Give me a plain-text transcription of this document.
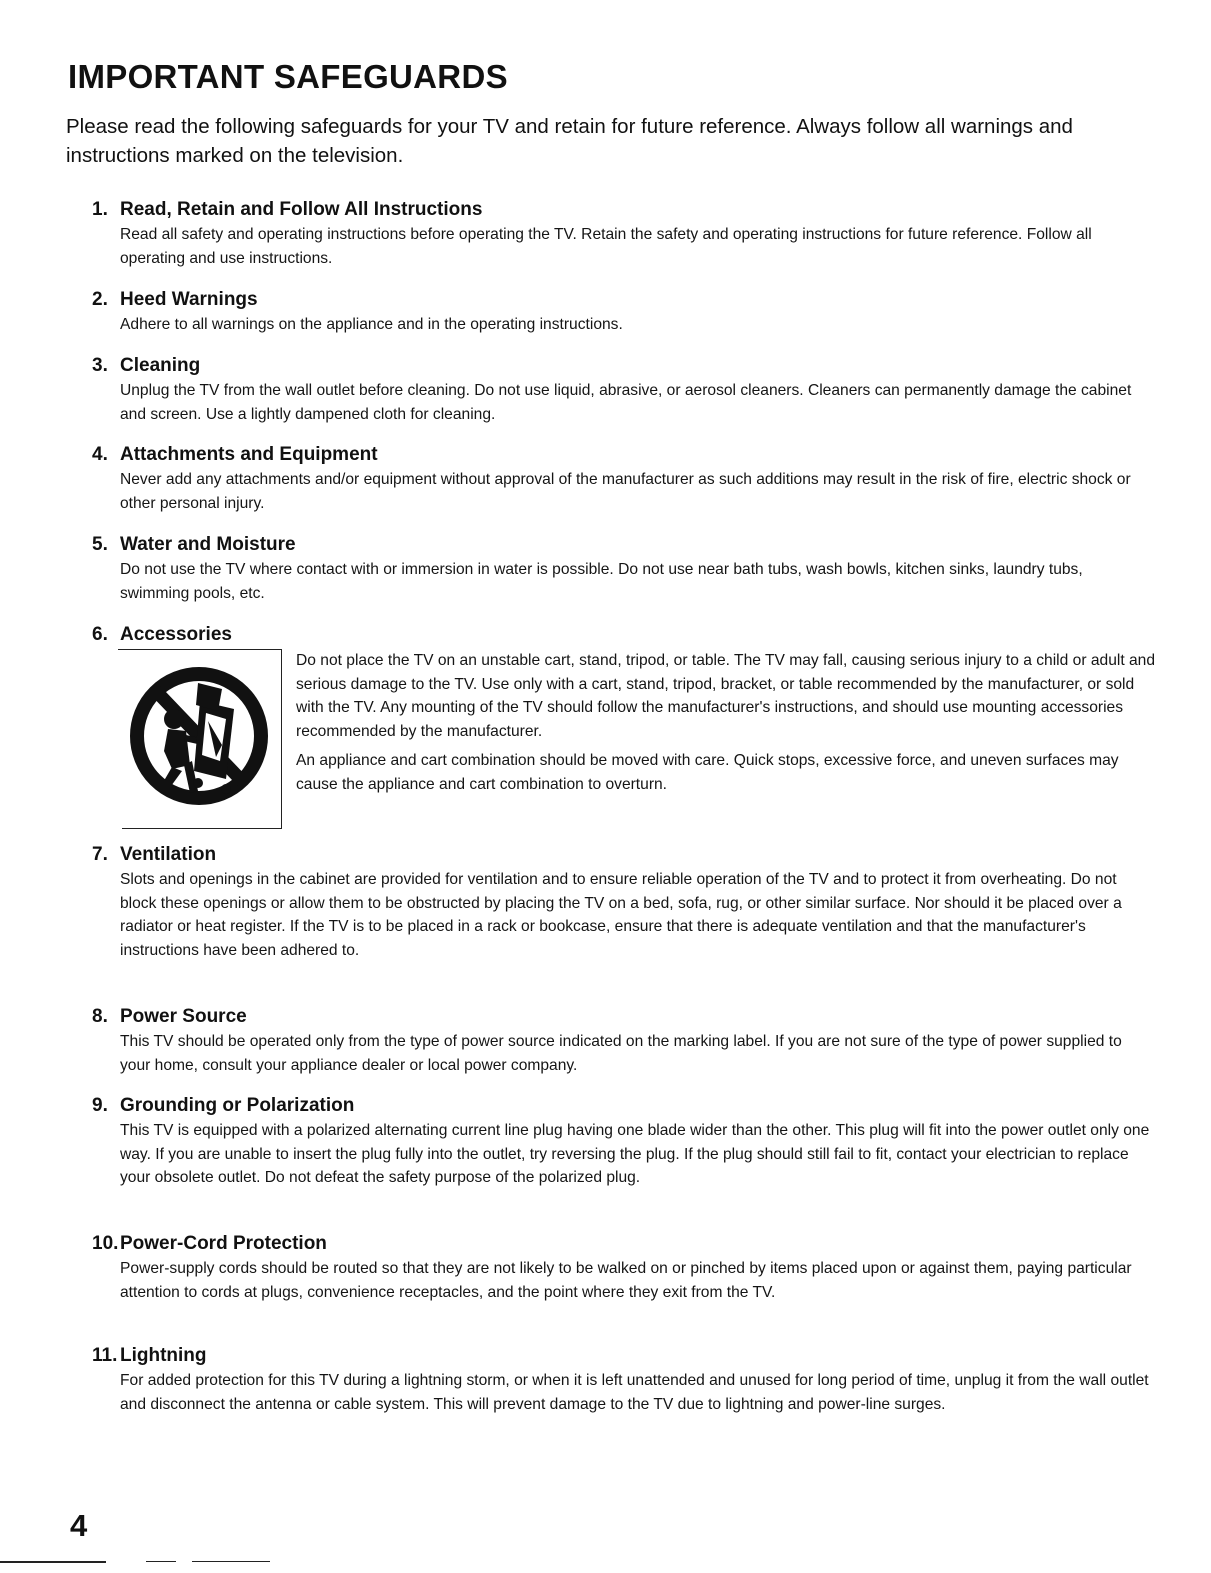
IMPORTANT SAFEGUARDS
Please read the following safeguards for your TV and retain for future reference. Always follow all warnings and instructions marked on the television.
1. Read, Retain and Follow All Instructions
Read all safety and operating instructions before operating the TV. Retain the safety and operating instructions for future reference. Follow all operating and use instructions.
2. Heed Warnings
Adhere to all warnings on the appliance and in the operating instructions.
3. Cleaning
Unplug the TV from the wall outlet before cleaning. Do not use liquid, abrasive, or aerosol cleaners. Cleaners can permanently damage the cabinet and screen. Use a lightly dampened cloth for cleaning.
4. Attachments and Equipment
Never add any attachments and/or equipment without approval of the manufacturer as such additions may result in the risk of fire, electric shock or other personal injury.
5. Water and Moisture
Do not use the TV where contact with or immersion in water is possible. Do not use near bath tubs, wash bowls, kitchen sinks, laundry tubs, swimming pools, etc.
6. Accessories

Do not place the TV on an unstable cart, stand, tripod, or table. The TV may fall, causing serious injury to a child or adult and serious damage to the TV. Use only with a cart, stand, tripod, bracket, or table recommended by the manufacturer, or sold with the TV. Any mounting of the TV should follow the manufacturer's instructions, and should use mounting accessories recommended by the manufacturer.

An appliance and cart combination should be moved with care. Quick stops, excessive force, and uneven surfaces may cause the appliance and cart combination to overturn.

7. Ventilation
Slots and openings in the cabinet are provided for ventilation and to ensure reliable operation of the TV and to protect it from overheating. Do not block these openings or allow them to be obstructed by placing the TV on a bed, sofa, rug, or other similar surface. Nor should it be placed over a radiator or heat register. If the TV is to be placed in a rack or bookcase, ensure that there is adequate ventilation and that the manufacturer's instructions have been adhered to.
8. Power Source
This TV should be operated only from the type of power source indicated on the marking label. If you are not sure of the type of power supplied to your home, consult your appliance dealer or local power company.
9. Grounding or Polarization
This TV is equipped with a polarized alternating current line plug having one blade wider than the other. This plug will fit into the power outlet only one way. If you are unable to insert the plug fully into the outlet, try reversing the plug. If the plug should still fail to fit, contact your electrician to replace your obsolete outlet. Do not defeat the safety purpose of the polarized plug.
10.Power-Cord Protection
Power-supply cords should be routed so that they are not likely to be walked on or pinched by items placed upon or against them, paying particular attention to cords at plugs, convenience receptacles, and the point where they exit from the TV.
11. Lightning
For added protection for this TV during a lightning storm, or when it is left unattended and unused for long period of time, unplug it from the wall outlet and disconnect the antenna or cable system. This will prevent damage to the TV due to lightning and power-line surges.
4
